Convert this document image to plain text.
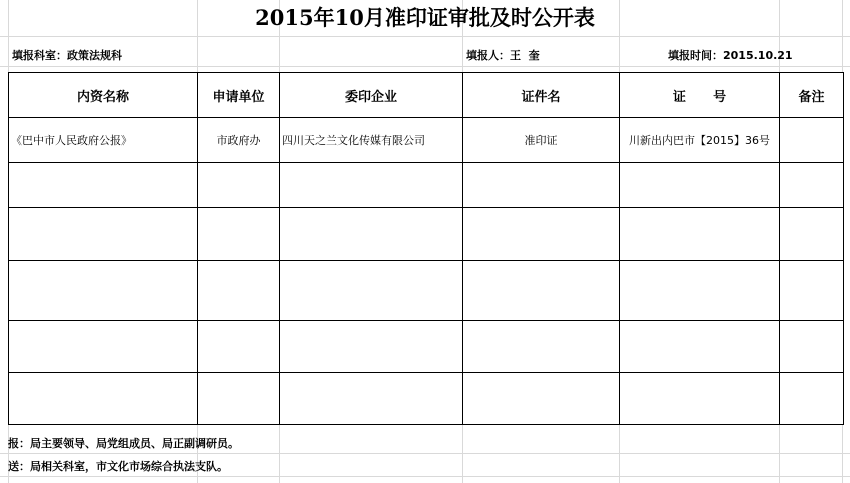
2015年10月准印证审批及时公开表
填报科室：政策法规科	填报人：王  奎	填报时间：2015.10.21
内资名称	申请单位	委印企业	证件名	证      号	备注
《巴中市人民政府公报》	市政府办	四川天之兰文化传媒有限公司	准印证	川新出内巴市【2015】36号	

报：局主要领导、局党组成员、局正副调研员。
送：局相关科室，市文化市场综合执法支队。
